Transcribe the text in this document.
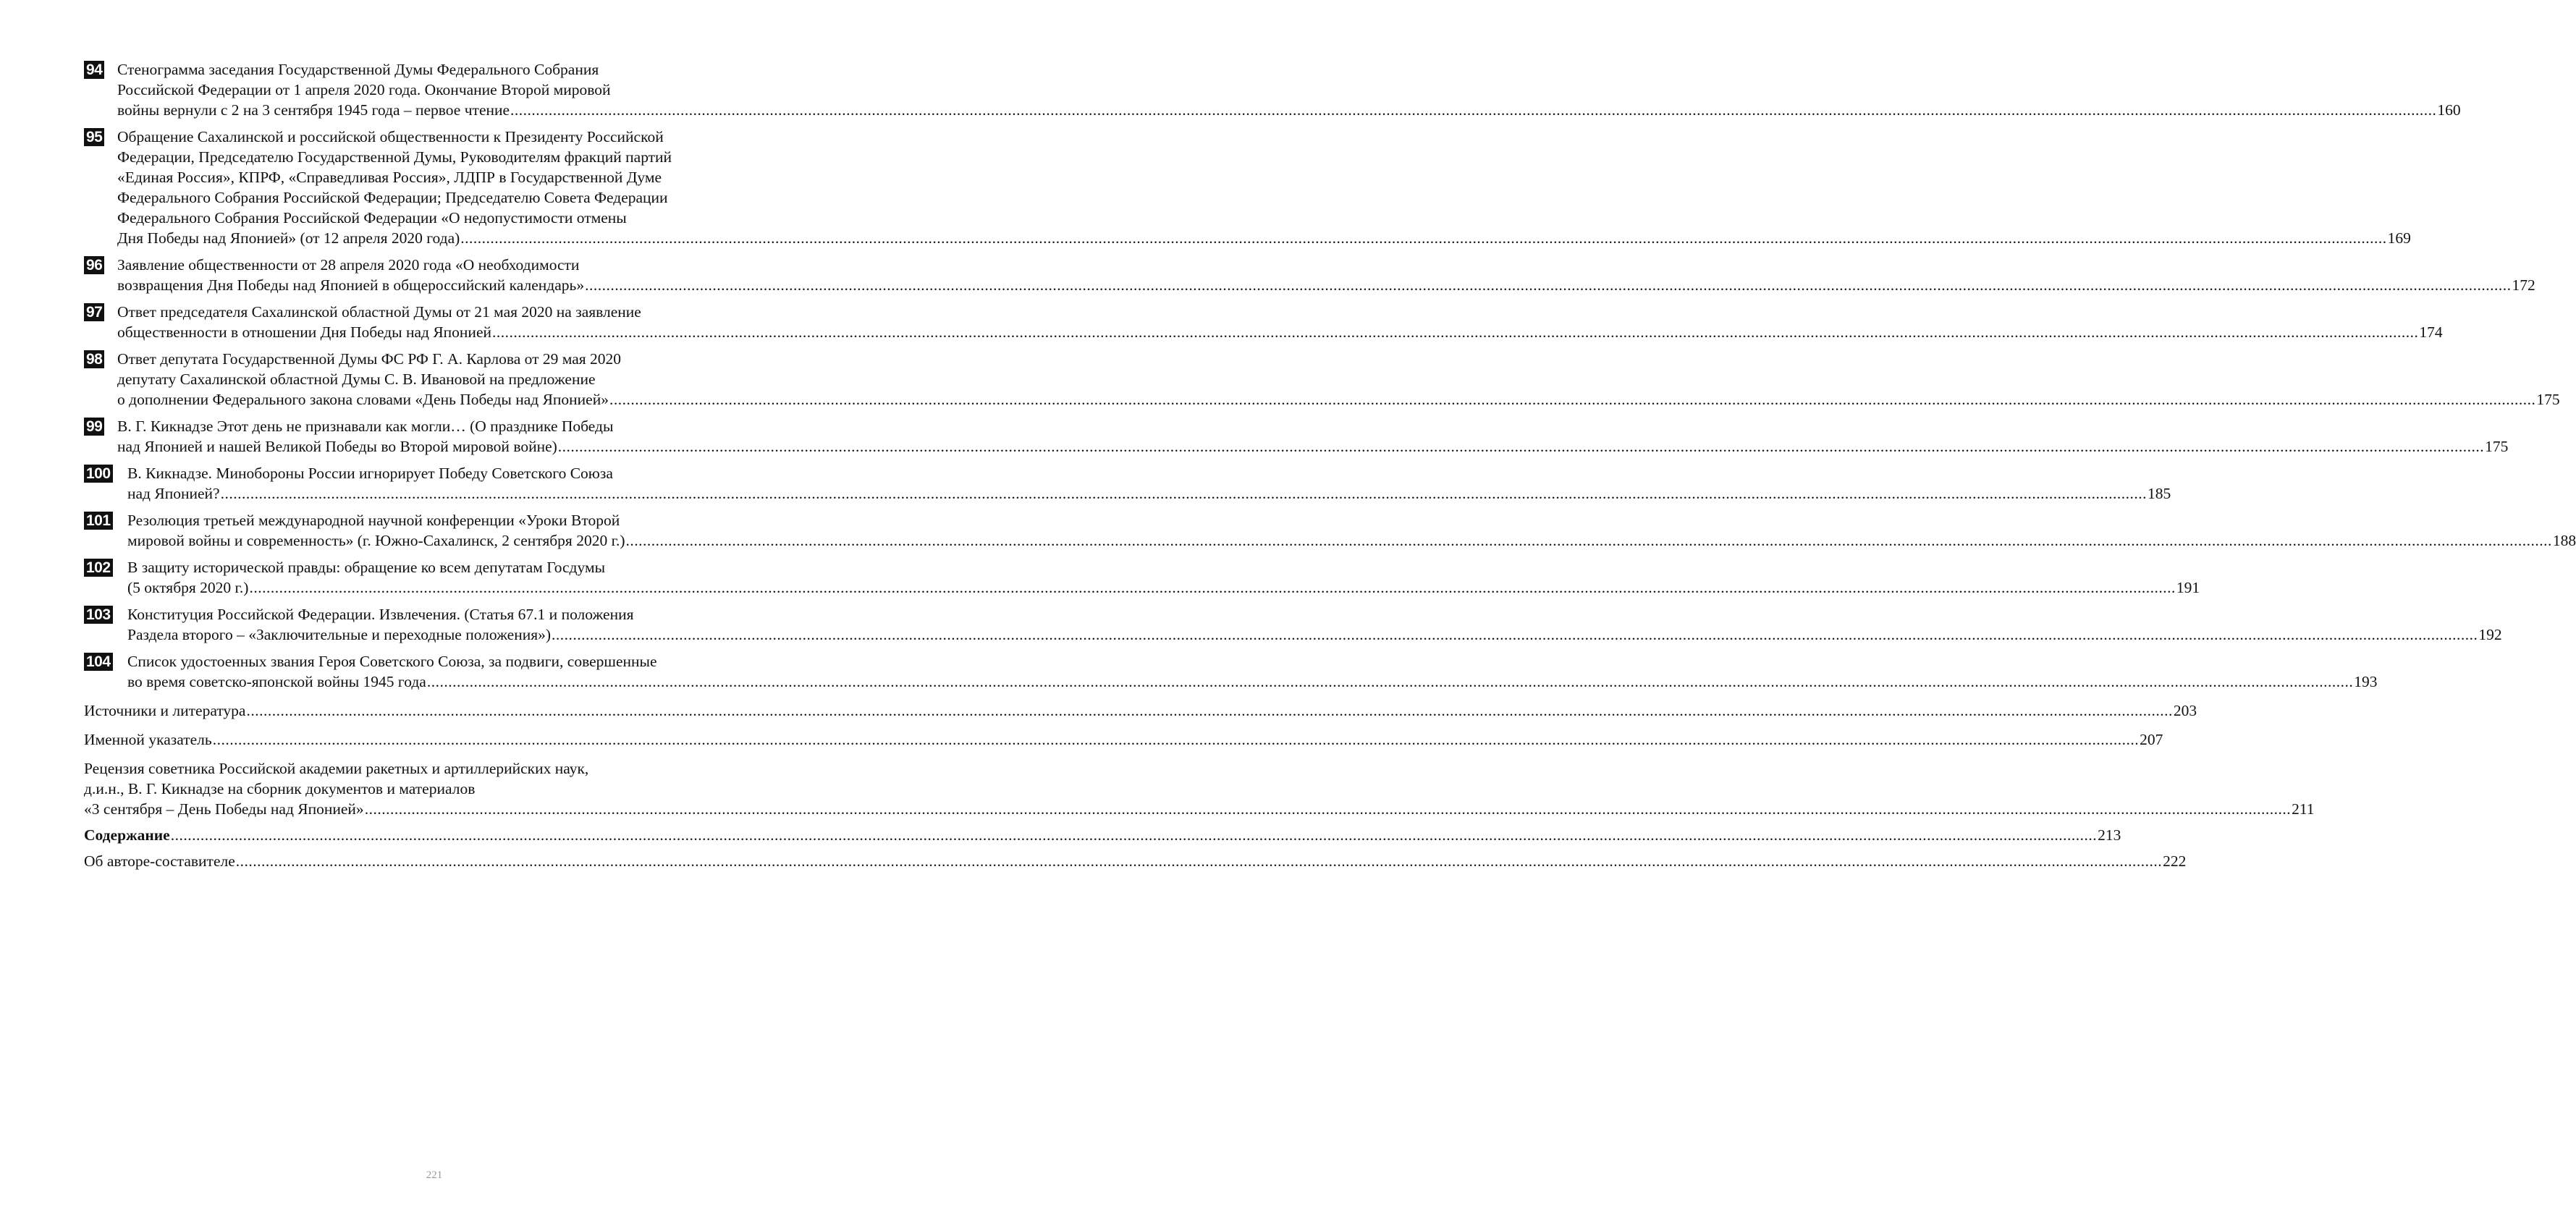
94 Стенограмма заседания Государственной Думы Федерального Собрания
Российской Федерации от 1 апреля 2020 года. Окончание Второй мировой
войны вернули с 2 на 3 сентября 1945 года – первое чтение .....	160
95 Обращение Сахалинской и российской общественности к Президенту Российской
Федерации, Председателю Государственной Думы, Руководителям фракций партий
«Единая Россия», КПРФ, «Справедливая Россия», ЛДПР в Государственной Думе
Федерального Собрания Российской Федерации; Председателю Совета Федерации
Федерального Собрания Российской Федерации «О недопустимости отмены
Дня Победы над Японией» (от 12 апреля 2020 года) .....	169
96 Заявление общественности от 28 апреля 2020 года «О необходимости
возвращения Дня Победы над Японией в общероссийский календарь» .....	172
97 Ответ председателя Сахалинской областной Думы от 21 мая 2020 на заявление
общественности в отношении Дня Победы над Японией .....	174
98 Ответ депутата Государственной Думы ФС РФ Г. А. Карлова от 29 мая 2020
депутату Сахалинской областной Думы С. В. Ивановой на предложение
о дополнении Федерального закона словами «День Победы над Японией» .....	175
99 В. Г. Кикнадзе Этот день не признавали как могли… (О празднике Победы
над Японией и нашей Великой Победы во Второй мировой войне) .....	175
100 В. Кикнадзе. Минобороны России игнорирует Победу Советского Союза
над Японией? .....	185
101 Резолюция третьей международной научной конференции «Уроки Второй
мировой войны и современность» (г. Южно-Сахалинск, 2 сентября 2020 г.) .....	188
102 В защиту исторической правды: обращение ко всем депутатам Госдумы
(5 октября 2020 г.) .....	191
103 Конституция Российской Федерации. Извлечения. (Статья 67.1 и положения
Раздела второго – «Заключительные и переходные положения») .....	192
104 Список удостоенных звания Героя Советского Союза, за подвиги, совершенные
во время советско-японской войны 1945 года .....	193
Источники и литература .....	203
Именной указатель .....	207
Рецензия советника Российской академии ракетных и артиллерийских наук,
д.и.н., В. Г. Кикнадзе на сборник документов и материалов
«3 сентября – День Победы над Японией» .....	211
Содержание .....	213
Об авторе-составителе .....	222
221
